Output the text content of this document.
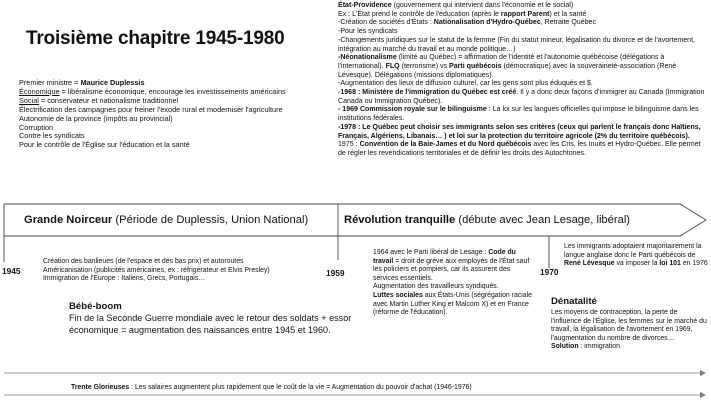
Troisième chapitre 1945-1980
Premier ministre = Maurice Duplessis
Économique = libéralisme économique, encourage les investissements américains
Social = conservateur et nationalisme traditionnel
Électrification des campagnes pour freiner l'exode rural et moderniser l'agriculture
Autonomie de la province (impôts au provincial)
Corruption
Contre les syndicats
Pour le contrôle de l'Église sur l'éducation et la santé
État-Providence (gouvernement qui intervient dans l'économie et le social)
Ex : L'État prend le contrôle de l'éducation (après le rapport Parent) et la santé
-Création de sociétés d'États : Nationalisation d'Hydro-Québec, Retraite Québec
-Pour les syndicats
-Changements juridiques sur le statut de la femme (Fin du statut mineur, légalisation du divorce et de l'avortement, intégration au marché du travail et au monde politique…)
-Néonationalisme (limité au Québec) = affirmation de l'identité et l'autonomie québécoise (délégations à l'international). FLQ (terrorisme) vs Parti québécois (démocratique) avec la souveraineté-association (René Lévesque). Délégations (missions diplomatiques).
-Augmentation des lieux de diffusion culturel, car les gens sont plus éduqués et $.
-1968 : Ministère de l'immigration du Québec est créé. Il y a donc deux façons d'immigrer au Canada (Immigration Canada ou Immigration Québec).
- 1969 Commission royale sur le bilinguisme : La loi sur les langues officielles qui impose le bilinguisme dans les institutions fédérales.
-1978 : Le Québec peut choisir ses immigrants selon ses critères (ceux qui parlent le français donc Haïtiens, Français, Algériens, Libanais… ) et loi sur la protection du territoire agricole (2% du territoire québécois).
1975 : Convention de la Baie-James et du Nord québécois avec les Cris, les Inuits et Hydro-Québec. Elle permet de régler les revendications territoriales et de définir les droits des Autochtones.
Grande Noirceur (Période de Duplessis, Union National)	Révolution tranquille (débute avec Jean Lesage, libéral)
1945	1959	1970
Création des banlieues (de l'espace et des bas prix) et autoroutes
Américanisation (publicités américaines, ex : réfrigérateur et Elvis Presley)
Immigration de l'Europe : Italiens, Grecs, Portugais…
1964 avec le Parti libéral de Lesage : Code du travail = droit de grève aux employés de l'État sauf les policiers et pompiers, car ils assurent des services essentiels.
Augmentation des travailleurs syndiqués.
Luttes sociales aux États-Unis (ségrégation raciale avec Martin Luther King et Malcom X) et en France (réforme de l'éducation).
Les immigrants adoptaient majoritairement la langue anglaise donc le Parti québécois de René Lévesque va imposer la loi 101 en 1976
Dénatalité
Les moyens de contraception, la perte de l'influence de l'Église, les femmes sur le marché du travail, la légalisation de l'avortement en 1969, l'augmentation du nombre de divorces…
Solution : immigration
Bébé-boom
Fin de la Seconde Guerre mondiale avec le retour des soldats + essor économique = augmentation des naissances entre 1945 et 1960.
Trente Glorieuses : Les salaires augmentent plus rapidement que le coût de la vie = Augmentation du pouvoir d'achat (1946-1976)
